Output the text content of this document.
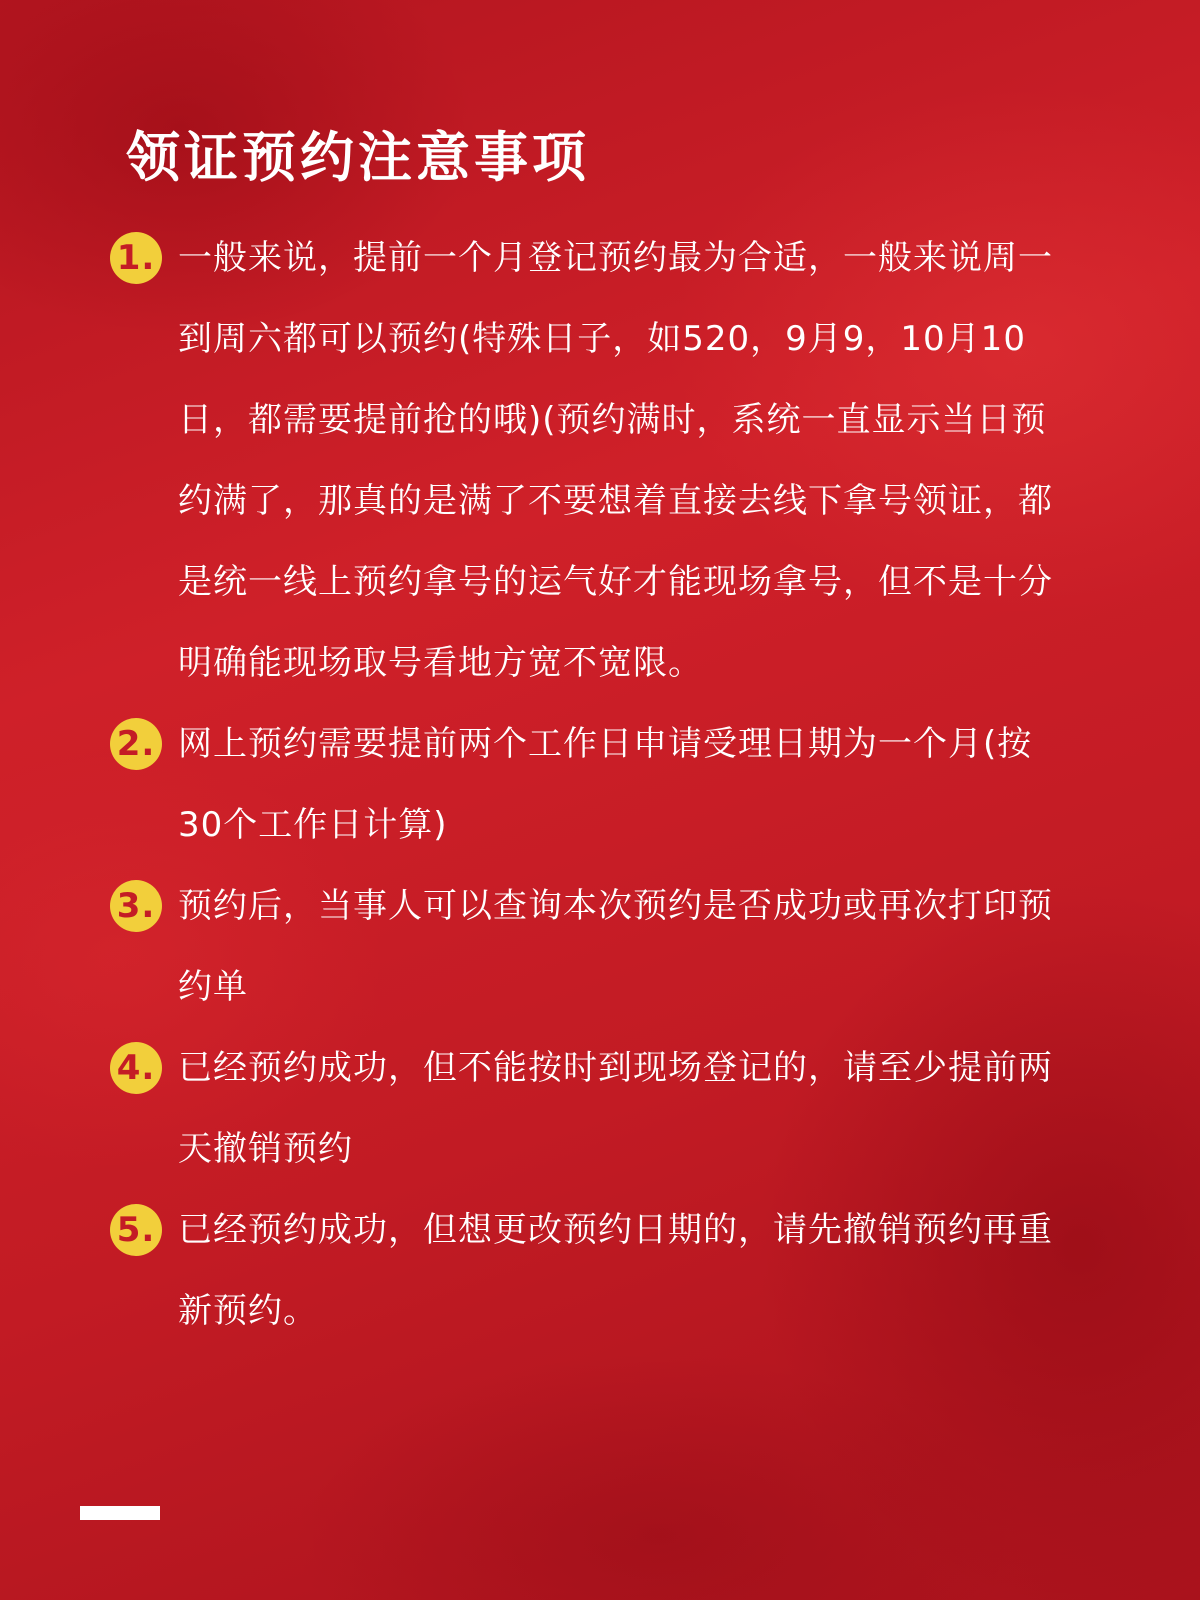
领证预约注意事项
1. 一般来说，提前一个月登记预约最为合适，一般来说周一到周六都可以预约(特殊日子，如520，9月9，10月10日，都需要提前抢的哦)(预约满时，系统一直显示当日预约满了，那真的是满了不要想着直接去线下拿号领证，都是统一线上预约拿号的运气好才能现场拿号，但不是十分明确能现场取号看地方宽不宽限。
2. 网上预约需要提前两个工作日申请受理日期为一个月(按30个工作日计算)
3. 预约后，当事人可以查询本次预约是否成功或再次打印预约单
4. 已经预约成功，但不能按时到现场登记的，请至少提前两天撤销预约
5. 已经预约成功，但想更改预约日期的，请先撤销预约再重新预约。
